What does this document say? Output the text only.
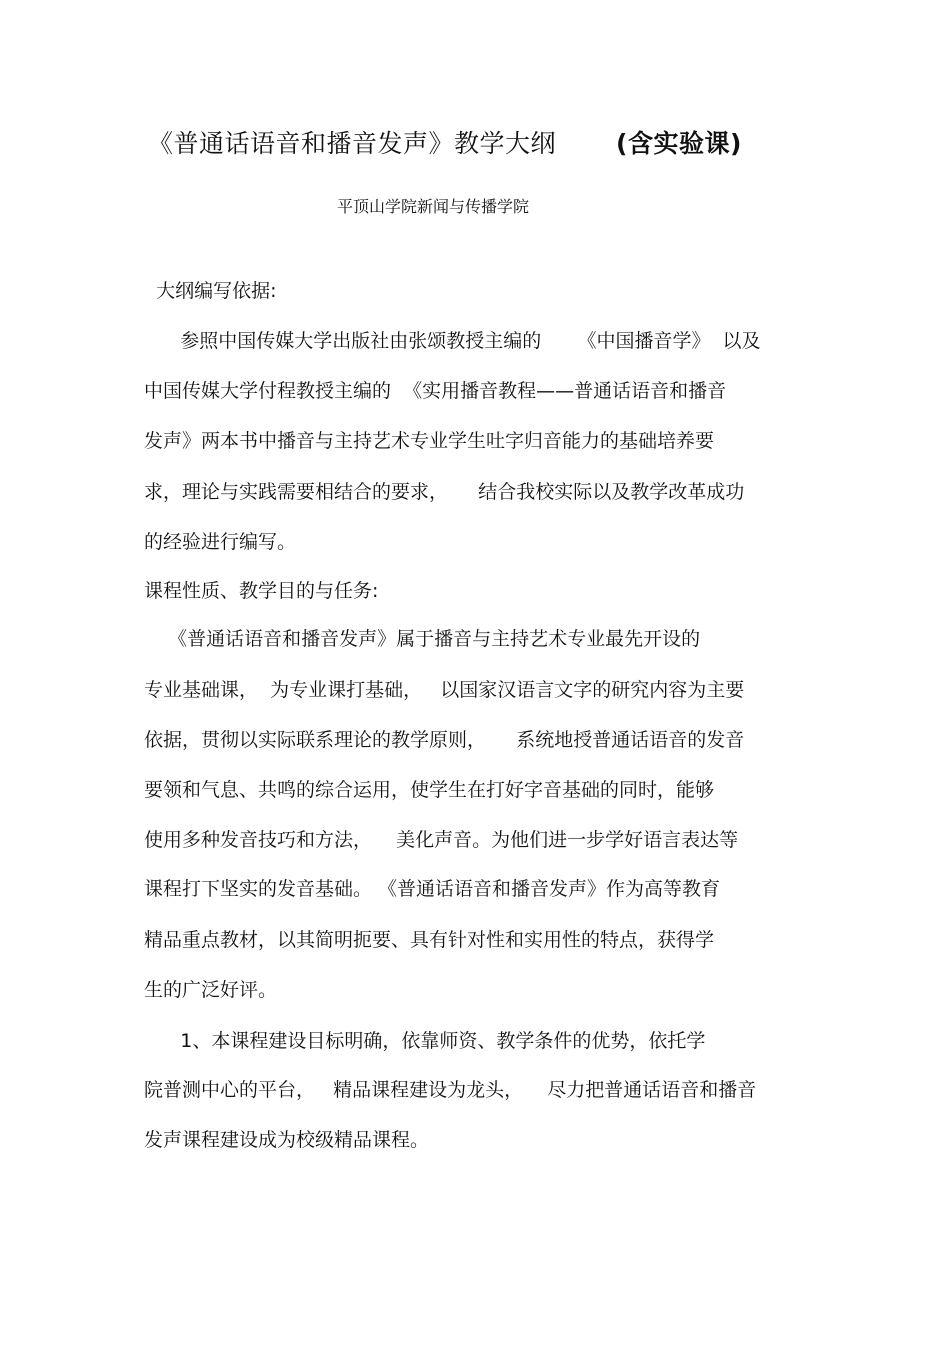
《普通话语音和播音发声》教学大纲 (含实验课)
平顶山学院新闻与传播学院
大纲编写依据:
参照中国传媒大学出版社由张颂教授主编的      《中国播音学》  以及
中国传媒大学付程教授主编的  《实用播音教程——普通话语音和播音
发声》两本书中播音与主持艺术专业学生吐字归音能力的基础培养要
求，理论与实践需要相结合的要求，     结合我校实际以及教学改革成功
的经验进行编写。
课程性质、教学目的与任务:
《普通话语音和播音发声》属于播音与主持艺术专业最先开设的
专业基础课，  为专业课打基础，   以国家汉语言文字的研究内容为主要
依据，贯彻以实际联系理论的教学原则，     系统地授普通话语音的发音
要领和气息、共鸣的综合运用，使学生在打好字音基础的同时，能够
使用多种发音技巧和方法，    美化声音。为他们进一步学好语言表达等
课程打下坚实的发音基础。 《普通话语音和播音发声》作为高等教育
精品重点教材，以其简明扼要、具有针对性和实用性的特点，获得学
生的广泛好评。
1、本课程建设目标明确，依靠师资、教学条件的优势，依托学
院普测中心的平台，   精品课程建设为龙头，    尽力把普通话语音和播音
发声课程建设成为校级精品课程。
